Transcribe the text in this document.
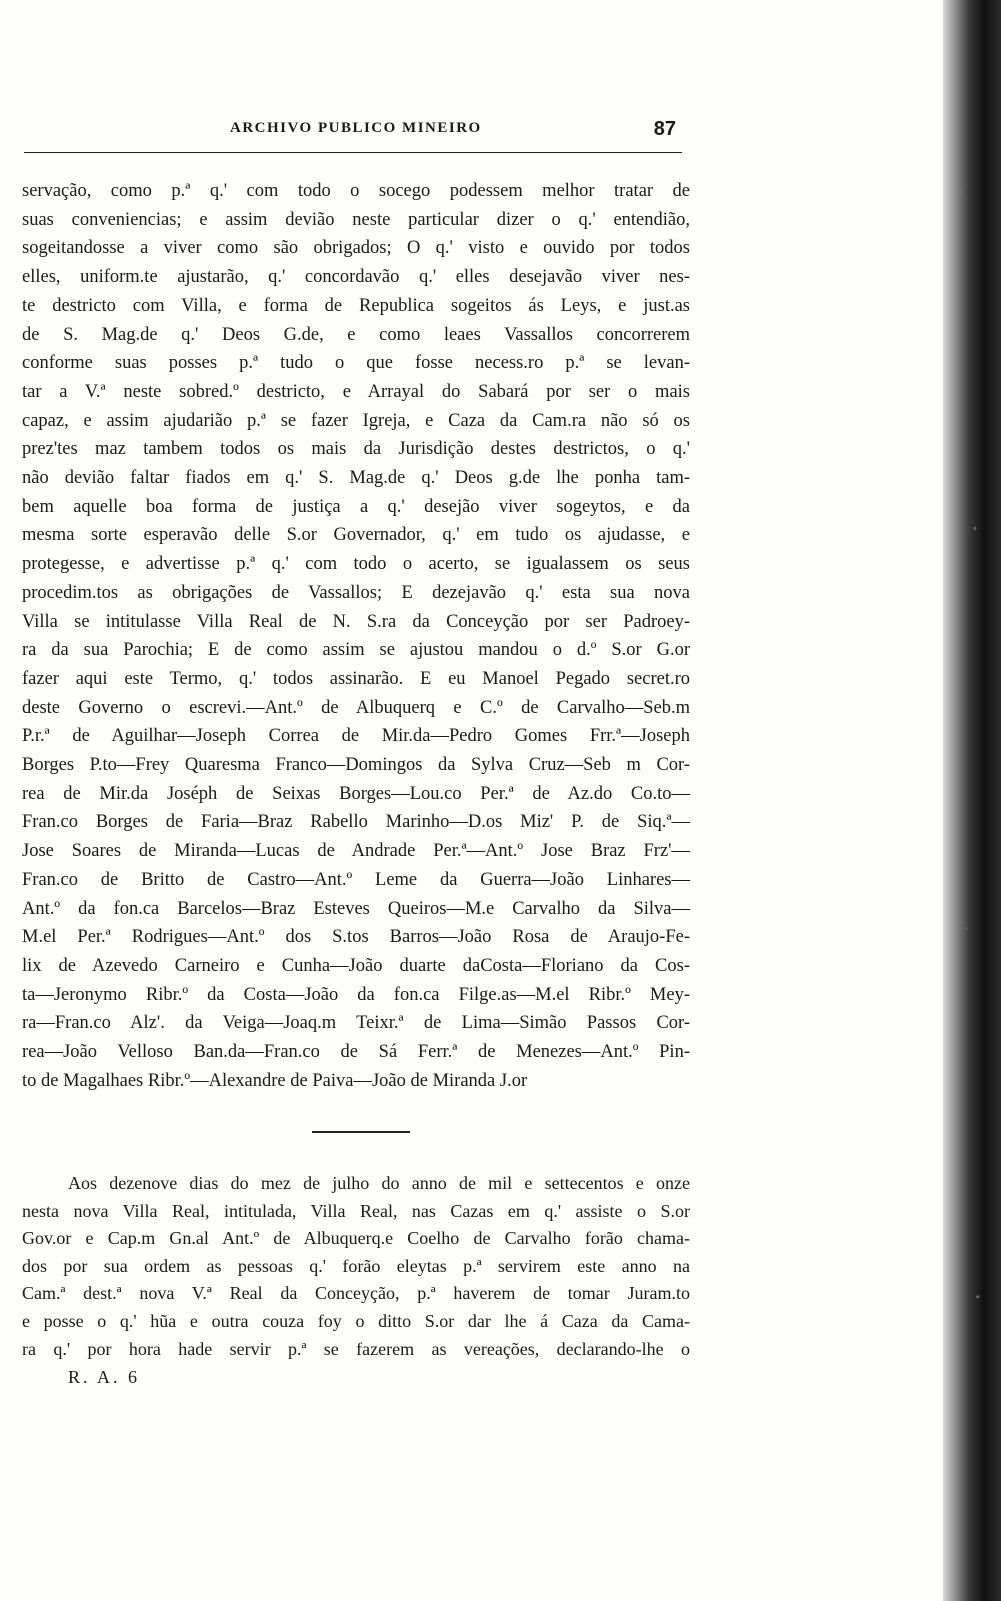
ARCHIVO PUBLICO MINEIRO	87
servação, como p.ª q.' com todo o socego podessem melhor tratar de
suas conveniencias; e assim devião neste particular dizer o q.' entendião,
sogeitandosse a viver como são obrigados; O q.' visto e ouvido por todos
elles, uniform.te ajustarão, q.' concordavão q.' elles desejavão viver nes-
te destricto com Villa, e forma de Republica sogeitos ás Leys, e just.as
de S. Mag.de q.' Deos G.de, e como leaes Vassallos concorrerem
conforme suas posses p.ª tudo o que fosse necess.ro p.ª se levan-
tar a V.ª neste sobred.º destricto, e Arrayal do Sabará por ser o mais
capaz, e assim ajudarião p.ª se fazer Igreja, e Caza da Cam.ra não só os
prez'tes maz tambem todos os mais da Jurisdição destes destrictos, o q.'
não devião faltar fiados em q.' S. Mag.de q.' Deos g.de lhe ponha tam-
bem aquelle boa forma de justiça a q.' desejão viver sogeytos, e da
mesma sorte esperavão delle S.or Governador, q.' em tudo os ajudasse, e
protegesse, e advertisse p.ª q.' com todo o acerto, se igualassem os seus
procedim.tos as obrigações de Vassallos; E dezejavão q.' esta sua nova
Villa se intitulasse Villa Real de N. S.ra da Conceyção por ser Padroey-
ra da sua Parochia; E de como assim se ajustou mandou o d.º S.or G.or
fazer aqui este Termo, q.' todos assinarão. E eu Manoel Pegado secret.ro
deste Governo o escrevi.—Ant.º de Albuquerq e C.º de Carvalho—Seb.m
P.r.ª de Aguilhar—Joseph Correa de Mir.da—Pedro Gomes Frr.ª—Joseph
Borges P.to—Frey Quaresma Franco—Domingos da Sylva Cruz—Seb m Cor-
rea de Mir.da Joséph de Seixas Borges—Lou.co Per.ª de Az.do Co.to—
Fran.co Borges de Faria—Braz Rabello Marinho—D.os Miz' P. de Siq.ª—
Jose Soares de Miranda—Lucas de Andrade Per.ª—Ant.º Jose Braz Frz'—
Fran.co de Britto de Castro—Ant.º Leme da Guerra—João Linhares—
Ant.º da fon.ca Barcelos—Braz Esteves Queiros—M.e Carvalho da Silva—
M.el Per.ª Rodrigues—Ant.º dos S.tos Barros—João Rosa de Araujo-Fe-
lix de Azevedo Carneiro e Cunha—João duarte daCosta—Floriano da Cos-
ta—Jeronymo Ribr.º da Costa—João da fon.ca Filge.as—M.el Ribr.º Mey-
ra—Fran.co Alz'. da Veiga—Joaq.m Teixr.ª de Lima—Simão Passos Cor-
rea—João Velloso Ban.da—Fran.co de Sá Ferr.ª de Menezes—Ant.º Pin-
to de Magalhaes Ribr.º—Alexandre de Paiva—João de Miranda J.or
Aos dezenove dias do mez de julho do anno de mil e settecentos e onze
nesta nova Villa Real, intitulada, Villa Real, nas Cazas em q.' assiste o S.or
Gov.or e Cap.m Gn.al Ant.º de Albuquerq.e Coelho de Carvalho forão chama-
dos por sua ordem as pessoas q.' forão eleytas p.ª servirem este anno na
Cam.ª dest.ª nova V.ª Real da Conceyção, p.ª haverem de tomar Juram.to
e posse o q.' hũa e outra couza foy o ditto S.or dar lhe á Caza da Cama-
ra q.' por hora hade servir p.ª se fazerem as vereações, declarando-lhe o
R. A. 6
